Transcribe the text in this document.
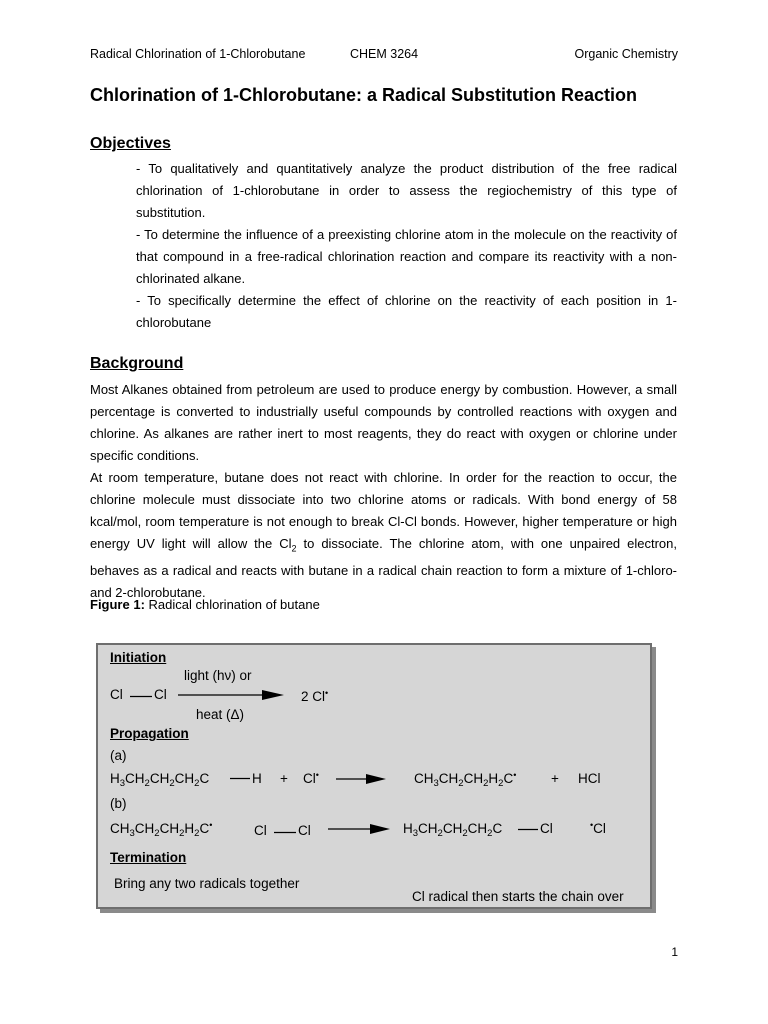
Radical Chlorination of 1-Chlorobutane	CHEM 3264	Organic Chemistry
Chlorination of 1-Chlorobutane: a Radical Substitution Reaction
Objectives

- To qualitatively and quantitatively analyze the product distribution of the free radical chlorination of 1-chlorobutane in order to assess the regiochemistry of this type of substitution.

- To determine the influence of a preexisting chlorine atom in the molecule on the reactivity of that compound in a free-radical chlorination reaction and compare its reactivity with a non-chlorinated alkane.

- To specifically determine the effect of chlorine on the reactivity of each position in 1-chlorobutane

Background

Most Alkanes obtained from petroleum are used to produce energy by combustion. However, a small percentage is converted to industrially useful compounds by controlled reactions with oxygen and chlorine. As alkanes are rather inert to most reagents, they do react with oxygen or chlorine under specific conditions.

At room temperature, butane does not react with chlorine. In order for the reaction to occur, the chlorine molecule must dissociate into two chlorine atoms or radicals. With bond energy of 58 kcal/mol, room temperature is not enough to break Cl-Cl bonds. However, higher temperature or high energy UV light will allow the $Cl_2$ to dissociate. The chlorine atom, with one unpaired electron, behaves as a radical and reacts with butane in a radical chain reaction to form a mixture of 1-chloro- and 2-chlorobutane.

Figure 1: Radical chlorination of butane
Initiation
light (hν) or
Cl Cl	2 Cl•
heat (Δ)
Propagation
(a)
$H_3CH_2CH_2CH_2C$	H + Cl•	$CH_3CH_2CH_2H_2C^•$	+ HCl
(b)
$CH_3CH_2CH_2H_2C^•$	Cl Cl	$H_3CH_2CH_2CH_2C$	Cl	•Cl
Termination
Bring any two radicals together
Cl radical then starts the chain over
1
